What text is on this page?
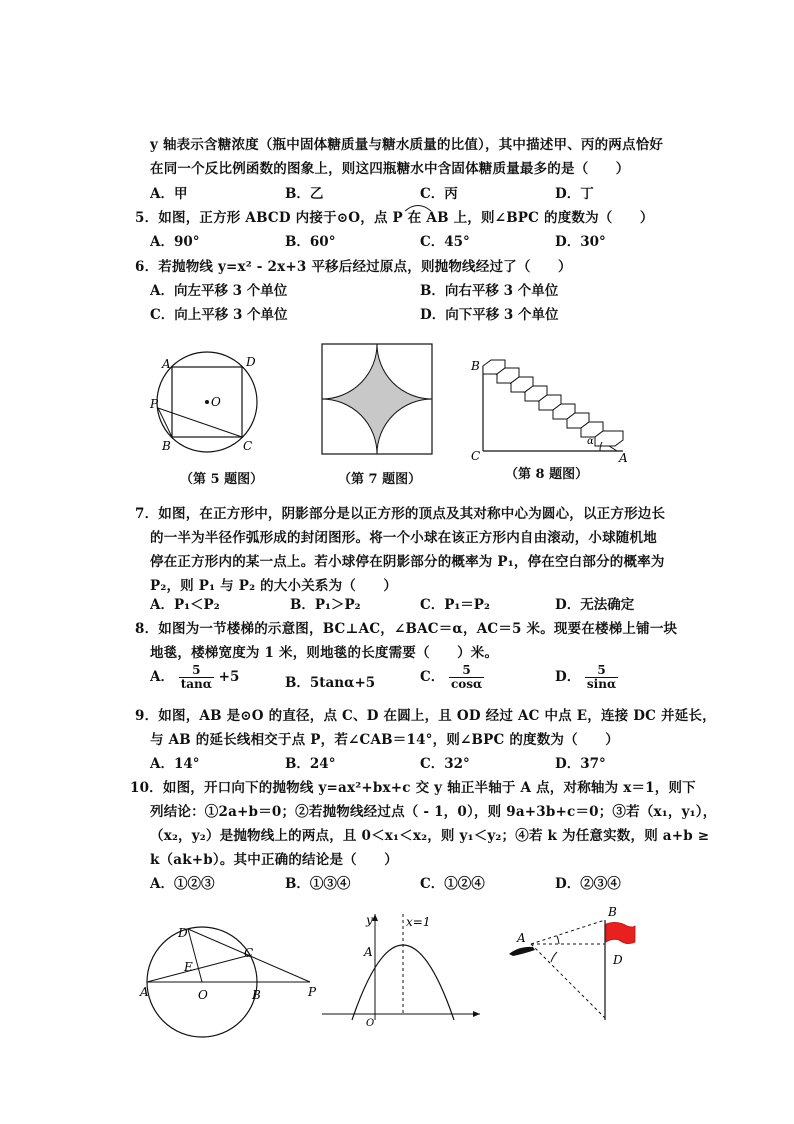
y 轴表示含糖浓度（瓶中固体糖质量与糖水质量的比值），其中描述甲、丙的两点恰好
在同一个反比例函数的图象上，则这四瓶糖水中含固体糖质量最多的是（　　）
A．甲	B．乙	C．丙	D．丁
5．如图，正方形 ABCD 内接于⊙O，点 P 在 AB 上，则∠BPC 的度数为（　　）
A．90°	B．60°	C．45°	D．30°
6．若抛物线 y=x² - 2x+3 平移后经过原点，则抛物线经过了（　　）
A．向左平移 3 个单位	B．向右平移 3 个单位
C．向上平移 3 个单位	D．向下平移 3 个单位
A	D
P	O
B	C
（第 5 题图）	（第 7 题图）
B
C	A
α
（第 8 题图）
7．如图，在正方形中，阴影部分是以正方形的顶点及其对称中心为圆心，以正方形边长
的一半为半径作弧形成的封闭图形。将一个小球在该正方形内自由滚动，小球随机地
停在正方形内的某一点上。若小球停在阴影部分的概率为 P₁，停在空白部分的概率为
P₂，则 P₁ 与 P₂ 的大小关系为（　　）
A．P₁＜P₂	B．P₁＞P₂	C．P₁＝P₂	D．无法确定
8．如图为一节楼梯的示意图，BC⊥AC，∠BAC＝α，AC＝5 米。现要在楼梯上铺一块
地毯，楼梯宽度为 1 米，则地毯的长度需要（　　）米。
A． $\frac{5}{\tan\alpha} +5$	B．5tanα+5	C． $\frac{5}{\cos\alpha}$	D． $\frac{5}{\sin\alpha}$
9．如图，AB 是⊙O 的直径，点 C、D 在圆上，且 OD 经过 AC 中点 E，连接 DC 并延长，
与 AB 的延长线相交于点 P，若∠CAB＝14°，则∠BPC 的度数为（　　）
A．14°	B．24°	C．32°	D．37°
10．如图，开口向下的抛物线 y=ax²+bx+c 交 y 轴正半轴于 A 点，对称轴为 x＝1，则下
列结论：①2a+b＝0；②若抛物线经过点（ - 1，0），则 9a+3b+c＝0；③若（x₁，y₁），
（x₂，y₂）是抛物线上的两点，且 0＜x₁＜x₂，则 y₁＜y₂；④若 k 为任意实数，则 a+b ≥
k（ak+b）。其中正确的结论是（　　）
A．①②③	B．①③④	C．①②④	D．②③④
D
C
E
A	O	B	P
y	x=1
A
O
A
B
D
